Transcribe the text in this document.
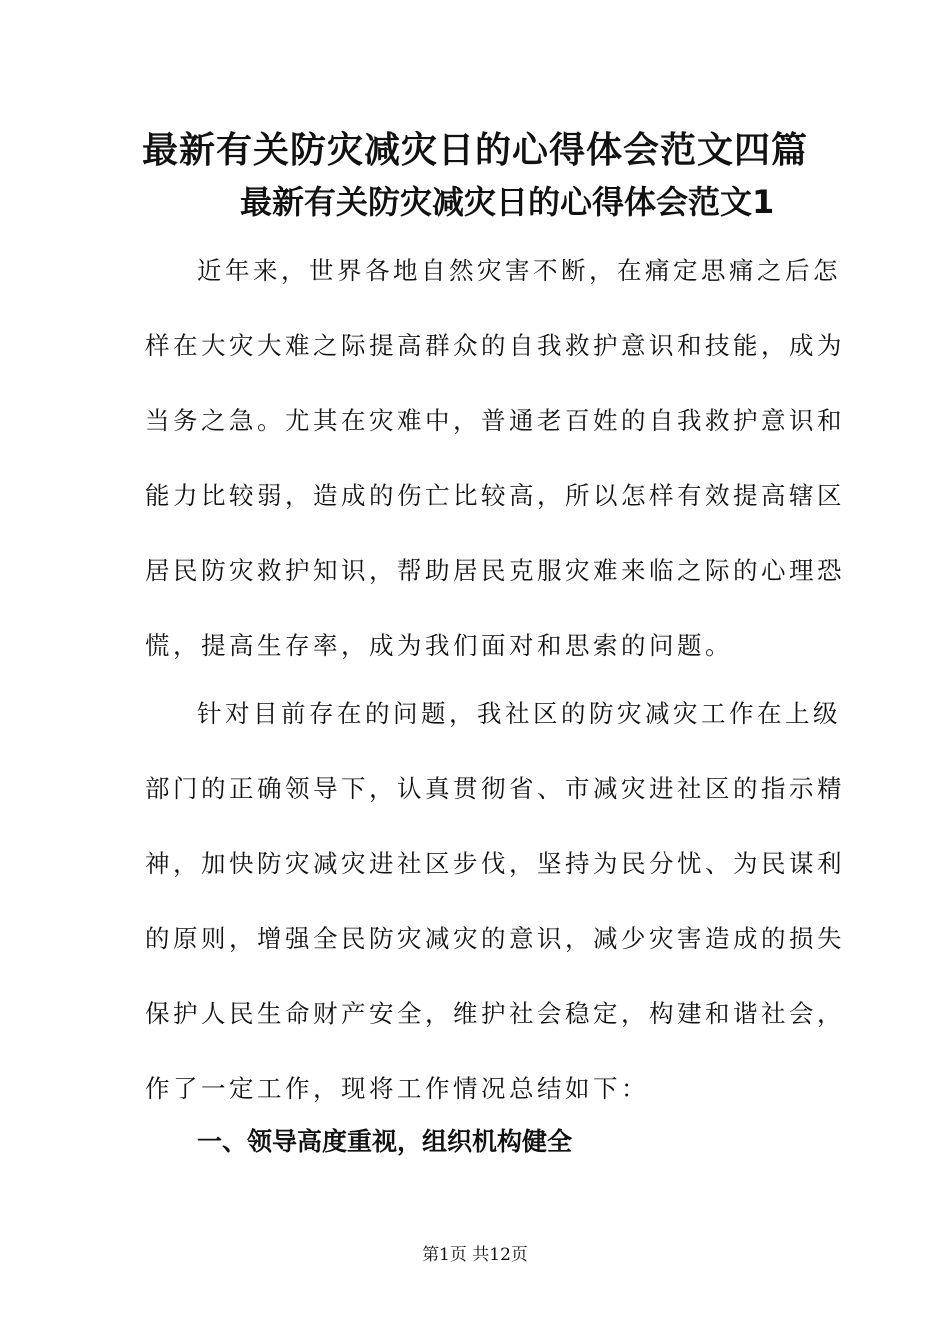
最新有关防灾减灾日的心得体会范文四篇
最新有关防灾减灾日的心得体会范文1
近年来，世界各地自然灾害不断，在痛定思痛之后怎
样在大灾大难之际提高群众的自我救护意识和技能，成为
当务之急。尤其在灾难中，普通老百姓的自我救护意识和
能力比较弱，造成的伤亡比较高，所以怎样有效提高辖区
居民防灾救护知识，帮助居民克服灾难来临之际的心理恐
慌，提高生存率，成为我们面对和思索的问题。
针对目前存在的问题，我社区的防灾减灾工作在上级
部门的正确领导下，认真贯彻省、市减灾进社区的指示精
神，加快防灾减灾进社区步伐，坚持为民分忧、为民谋利
的原则，增强全民防灾减灾的意识，减少灾害造成的损失
保护人民生命财产安全，维护社会稳定，构建和谐社会，
作了一定工作，现将工作情况总结如下：
一、领导高度重视，组织机构健全
第1页 共12页
